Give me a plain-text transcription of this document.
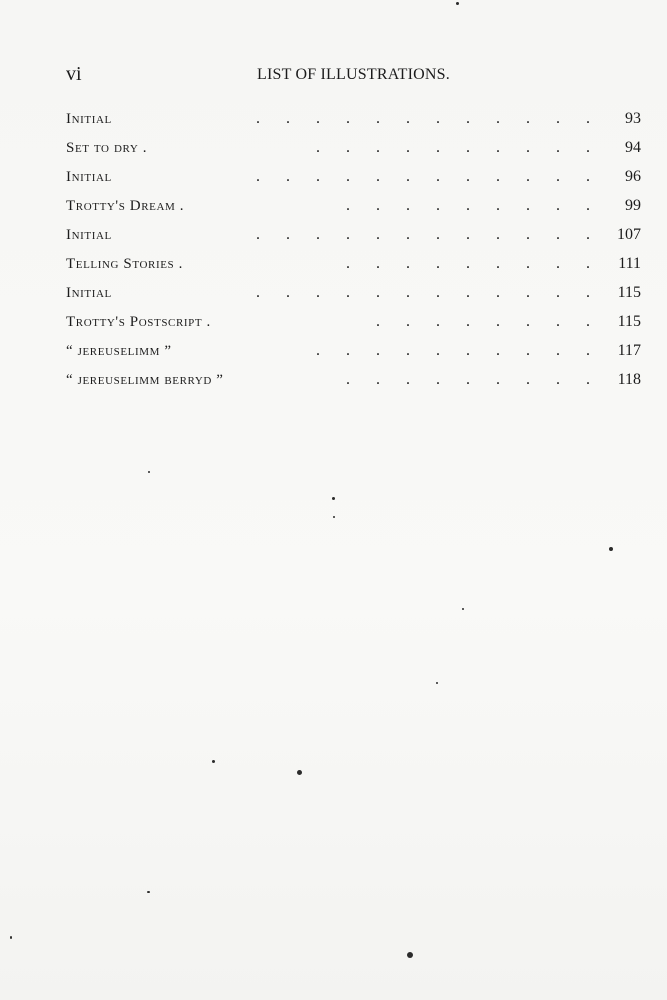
vi	LIST OF ILLUSTRATIONS.
Initial	. . . . . . . . . . . . 93
Set to dry .	. . . . . . . . . . 94
Initial	. . . . . . . . . . . . 96
Trotty's Dream .	. . . . . . . . . 99
Initial	. . . . . . . . . . . . 107
Telling Stories .	. . . . . . . . . 111
Initial	. . . . . . . . . . . . 115
Trotty's Postscript .	. . . . . . . . 115
“ jereuselimm ”	. . . . . . . . . . 117
“ jereuselimm berryd ”	. . . . . . . . . 118
